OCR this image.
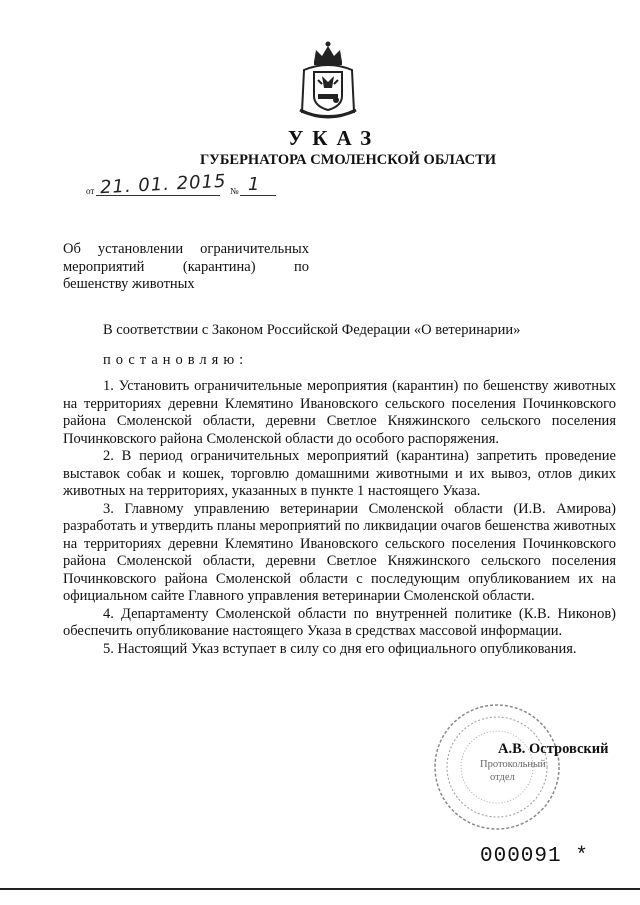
УКАЗ
ГУБЕРНАТОРА СМОЛЕНСКОЙ ОБЛАСТИ
от 21. 01. 2015 № 1
Об установлении ограничительных
мероприятий (карантина) по
бешенству животных
В соответствии с Законом Российской Федерации «О ветеринарии»
постановляю:

1. Установить ограничительные мероприятия (карантин) по бешенству животных на территориях деревни Клемятино Ивановского сельского поселения Починковского района Смоленской области, деревни Светлое Княжинского сельского поселения Починковского района Смоленской области до особого распоряжения.

2. В период ограничительных мероприятий (карантина) запретить проведение выставок собак и кошек, торговлю домашними животными и их вывоз, отлов диких животных на территориях, указанных в пункте 1 настоящего Указа.

3. Главному управлению ветеринарии Смоленской области (И.В. Амирова) разработать и утвердить планы мероприятий по ликвидации очагов бешенства животных на территориях деревни Клемятино Ивановского сельского поселения Починковского района Смоленской области, деревни Светлое Княжинского сельского поселения Починковского района Смоленской области с последующим опубликованием их на официальном сайте Главного управления ветеринарии Смоленской области.

4. Департаменту Смоленской области по внутренней политике (К.В. Никонов) обеспечить опубликование настоящего Указа в средствах массовой информации.

5. Настоящий Указ вступает в силу со дня его официального опубликования.

Протокольный
отдел
А.В. Островский
000091 *
